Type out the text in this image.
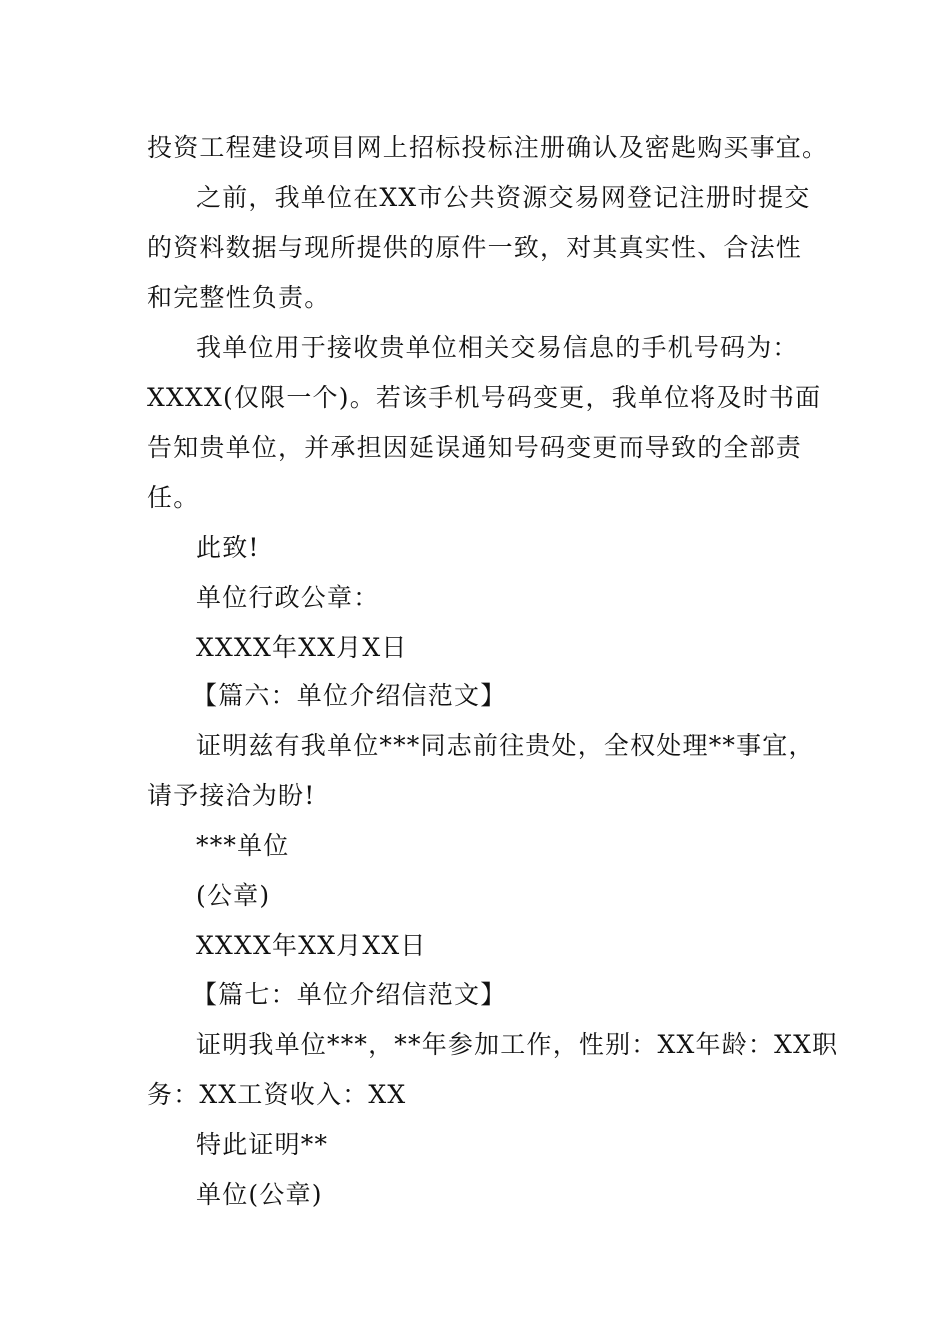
投资工程建设项目网上招标投标注册确认及密匙购买事宜。
之前，我单位在XX市公共资源交易网登记注册时提交
的资料数据与现所提供的原件一致，对其真实性、合法性
和完整性负责。
我单位用于接收贵单位相关交易信息的手机号码为：
XXXX(仅限一个)。若该手机号码变更，我单位将及时书面
告知贵单位，并承担因延误通知号码变更而导致的全部责
任。
此致!
单位行政公章：
XXXX年XX月X日
【篇六：单位介绍信范文】
证明兹有我单位***同志前往贵处，全权处理**事宜，
请予接洽为盼!
***单位
(公章)
XXXX年XX月XX日
【篇七：单位介绍信范文】
证明我单位***，**年参加工作，性别：XX年龄：XX职
务：XX工资收入：XX
特此证明**
单位(公章)
